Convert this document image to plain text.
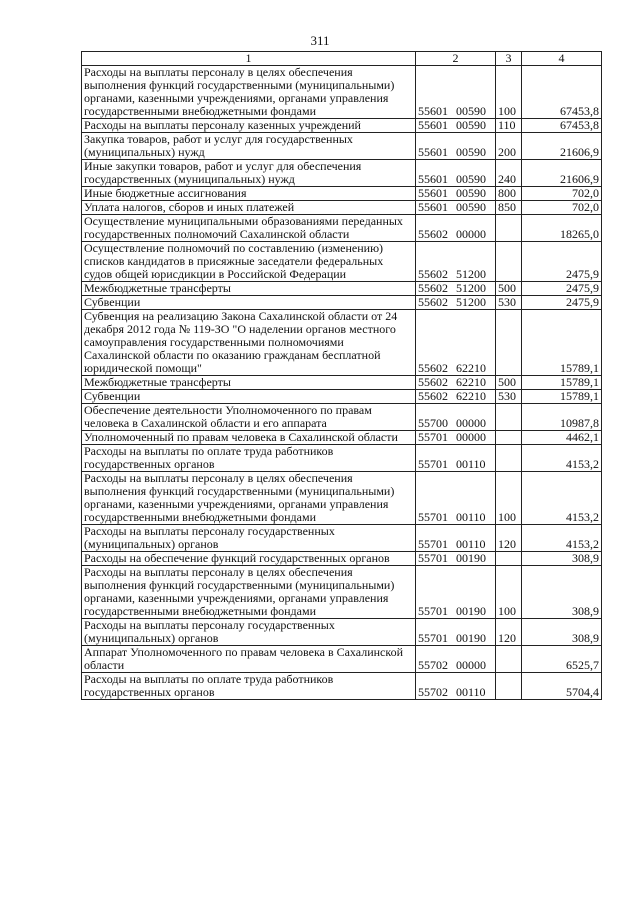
311
1	2	3	4
Расходы на выплаты персоналу в целях обеспечения выполнения функций государственными (муниципальными) органами, казенными учреждениями, органами управления государственными внебюджетными фондами	55601 00590	100	67453,8
Расходы на выплаты персоналу казенных учреждений	55601 00590	110	67453,8
Закупка товаров, работ и услуг для государственных (муниципальных) нужд	55601 00590	200	21606,9
Иные закупки товаров, работ и услуг для обеспечения государственных (муниципальных) нужд	55601 00590	240	21606,9
Иные бюджетные ассигнования	55601 00590	800	702,0
Уплата налогов, сборов и иных платежей	55601 00590	850	702,0
Осуществление муниципальными образованиями переданных государственных полномочий Сахалинской области	55602 00000		18265,0
Осуществление полномочий по составлению (изменению) списков кандидатов в присяжные заседатели федеральных судов общей юрисдикции в Российской Федерации	55602 51200		2475,9
Межбюджетные трансферты	55602 51200	500	2475,9
Субвенции	55602 51200	530	2475,9
Субвенция на реализацию Закона Сахалинской области от 24 декабря 2012 года № 119-ЗО "О наделении органов местного самоуправления государственными полномочиями Сахалинской области по оказанию гражданам бесплатной юридической помощи"	55602 62210		15789,1
Межбюджетные трансферты	55602 62210	500	15789,1
Субвенции	55602 62210	530	15789,1
Обеспечение деятельности Уполномоченного по правам человека в Сахалинской области и его аппарата	55700 00000		10987,8
Уполномоченный по правам человека в Сахалинской области	55701 00000		4462,1
Расходы на выплаты по оплате труда работников государственных органов	55701 00110		4153,2
Расходы на выплаты персоналу в целях обеспечения выполнения функций государственными (муниципальными) органами, казенными учреждениями, органами управления государственными внебюджетными фондами	55701 00110	100	4153,2
Расходы на выплаты персоналу государственных (муниципальных) органов	55701 00110	120	4153,2
Расходы на обеспечение функций государственных органов	55701 00190		308,9
Расходы на выплаты персоналу в целях обеспечения выполнения функций государственными (муниципальными) органами, казенными учреждениями, органами управления государственными внебюджетными фондами	55701 00190	100	308,9
Расходы на выплаты персоналу государственных (муниципальных) органов	55701 00190	120	308,9
Аппарат Уполномоченного по правам человека в Сахалинской области	55702 00000		6525,7
Расходы на выплаты по оплате труда работников государственных органов	55702 00110		5704,4
